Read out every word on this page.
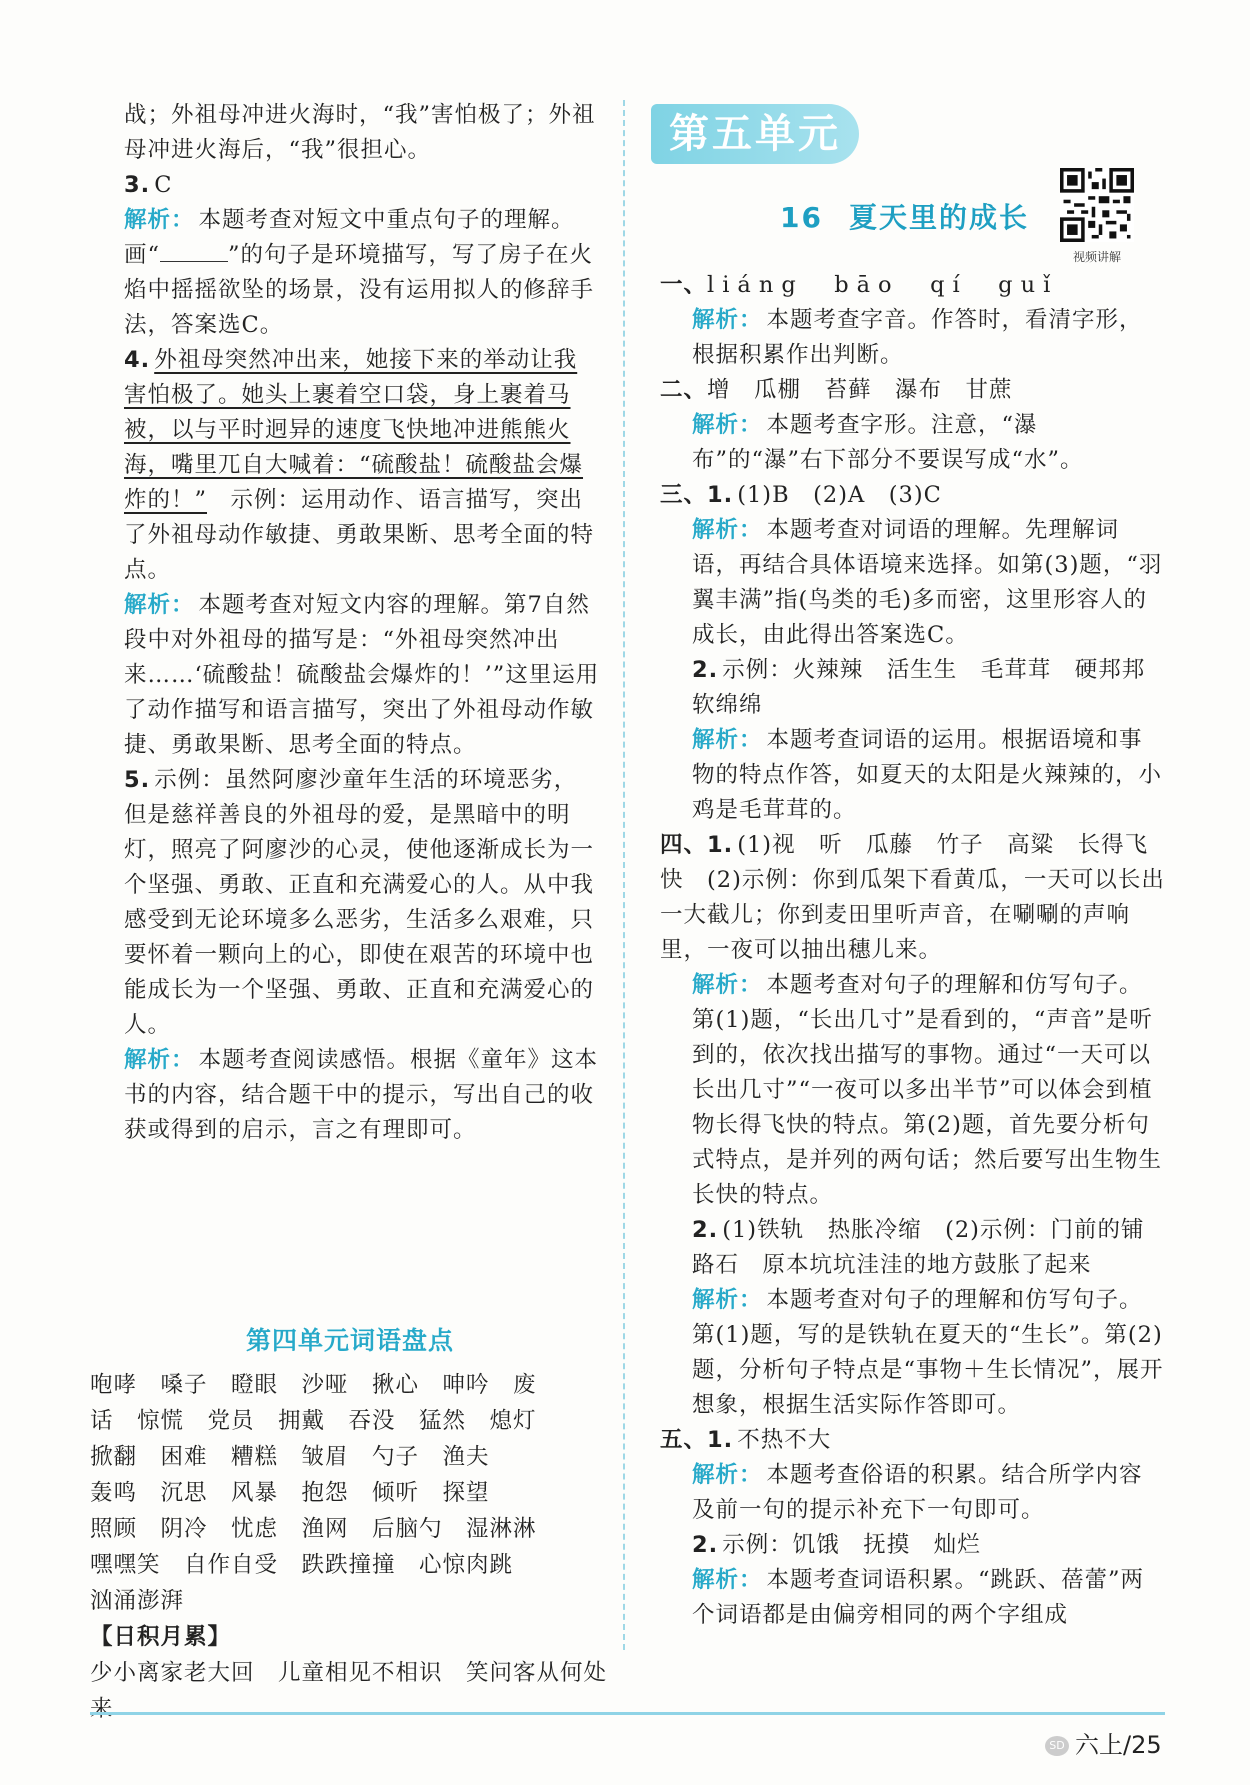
战；外祖母冲进火海时，“我”害怕极了；外祖母冲进火海后，“我”很担心。

3. C

解析： 本题考查对短文中重点句子的理解。画“	”的句子是环境描写，写了房子在火焰中摇摇欲坠的场景，没有运用拟人的修辞手法，答案选C。

4. 外祖母突然冲出来，她接下来的举动让我害怕极了。她头上裹着空口袋，身上裹着马被，以与平时迥异的速度飞快地冲进熊熊火海，嘴里兀自大喊着：“硫酸盐！硫酸盐会爆炸的！”　 示例：运用动作、语言描写，突出了外祖母动作敏捷、勇敢果断、思考全面的特点。

解析： 本题考查对短文内容的理解。第7自然段中对外祖母的描写是：“外祖母突然冲出来……‘硫酸盐！硫酸盐会爆炸的！’”这里运用了动作描写和语言描写，突出了外祖母动作敏捷、勇敢果断、思考全面的特点。

5. 示例：虽然阿廖沙童年生活的环境恶劣，但是慈祥善良的外祖母的爱，是黑暗中的明灯，照亮了阿廖沙的心灵，使他逐渐成长为一个坚强、勇敢、正直和充满爱心的人。从中我感受到无论环境多么恶劣，生活多么艰难，只要怀着一颗向上的心，即使在艰苦的环境中也能成长为一个坚强、勇敢、正直和充满爱心的人。

解析： 本题考查阅读感悟。根据《童年》这本书的内容，结合题干中的提示，写出自己的收获或得到的启示，言之有理即可。

第四单元词语盘点

咆哮　嗓子　瞪眼　沙哑　揪心　呻吟　废

话　惊慌　党员　拥戴　吞没　猛然　熄灯

掀翻　困难　糟糕　皱眉　勺子　渔夫

轰鸣　沉思　风暴　抱怨　倾听　探望

照顾　阴冷　忧虑　渔网　后脑勺　湿淋淋

嘿嘿笑　自作自受　跌跌撞撞　心惊肉跳

汹涌澎湃

【日积月累】

少小离家老大回　儿童相见不相识　笑问客从何处来

第五单元
16 夏天里的成长
视频讲解

一、liáng　bāo　qí　guǐ

解析： 本题考查字音。作答时，看清字形，根据积累作出判断。

二、增　瓜棚　苔藓　瀑布　甘蔗

解析： 本题考查字形。注意，“瀑布”的“瀑”右下部分不要误写成“水”。

三、1. (1)B　(2)A　(3)C

解析： 本题考查对词语的理解。先理解词语，再结合具体语境来选择。如第(3)题，“羽翼丰满”指(鸟类的毛)多而密，这里形容人的成长，由此得出答案选C。

2. 示例：火辣辣　活生生　毛茸茸　硬邦邦　软绵绵

解析： 本题考查词语的运用。根据语境和事物的特点作答，如夏天的太阳是火辣辣的，小鸡是毛茸茸的。

四、1. (1)视　听　瓜藤　竹子　高粱　长得飞快　(2)示例：你到瓜架下看黄瓜，一天可以长出一大截儿；你到麦田里听声音，在唰唰的声响里，一夜可以抽出穗儿来。

解析： 本题考查对句子的理解和仿写句子。第(1)题，“长出几寸”是看到的，“声音”是听到的，依次找出描写的事物。通过“一天可以长出几寸”“一夜可以多出半节”可以体会到植物长得飞快的特点。第(2)题，首先要分析句式特点，是并列的两句话；然后要写出生物生长快的特点。

2. (1)铁轨　热胀冷缩　(2)示例：门前的铺路石　原本坑坑洼洼的地方鼓胀了起来

解析： 本题考查对句子的理解和仿写句子。第(1)题，写的是铁轨在夏天的“生长”。第(2)题，分析句子特点是“事物＋生长情况”，展开想象，根据生活实际作答即可。

五、1. 不热不大

解析： 本题考查俗语的积累。结合所学内容及前一句的提示补充下一句即可。

2. 示例：饥饿　抚摸　灿烂

解析： 本题考查词语积累。“跳跃、蓓蕾”两个词语都是由偏旁相同的两个字组成

SD 六上/25
